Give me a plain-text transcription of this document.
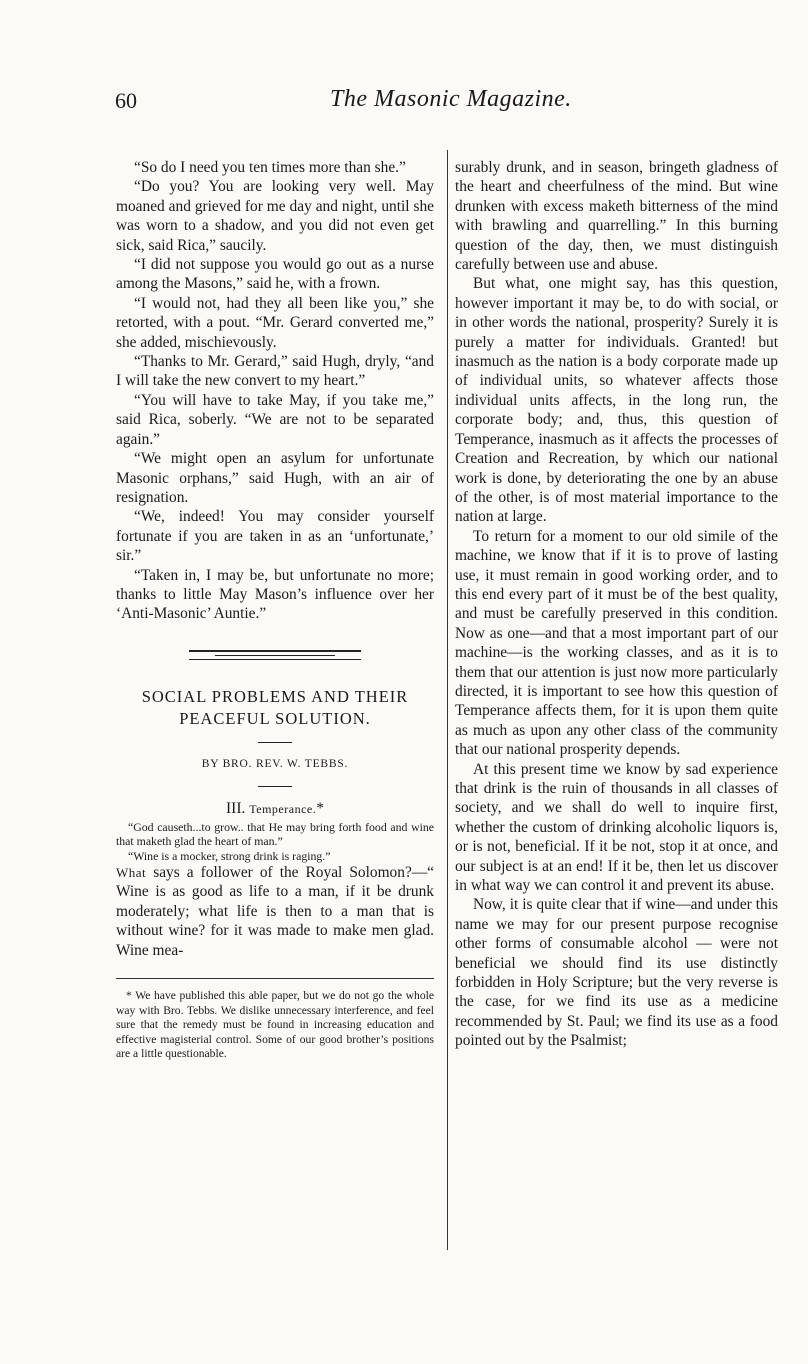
60	The Masonic Magazine.

“So do I need you ten times more than she.”

“Do you? You are looking very well. May moaned and grieved for me day and night, until she was worn to a shadow, and you did not even get sick, said Rica,” saucily.

“I did not suppose you would go out as a nurse among the Masons,” said he, with a frown.

“I would not, had they all been like you,” she retorted, with a pout. “Mr. Gerard converted me,” she added, mischievously.

“Thanks to Mr. Gerard,” said Hugh, dryly, “and I will take the new convert to my heart.”

“You will have to take May, if you take me,” said Rica, soberly. “We are not to be separated again.”

“We might open an asylum for unfortunate Masonic orphans,” said Hugh, with an air of resignation.

“We, indeed! You may consider yourself fortunate if you are taken in as an ‘unfortunate,’ sir.”

“Taken in, I may be, but unfortunate no more; thanks to little May Mason’s influence over her ‘Anti-Masonic’ Auntie.”

SOCIAL PROBLEMS AND THEIR
PEACEFUL SOLUTION.

BY BRO. REV. W. TEBBS.

III. Temperance.*

“God causeth...to grow.. that He may bring forth food and wine that maketh glad the heart of man.”

“Wine is a mocker, strong drink is raging.”

What says a follower of the Royal Solomon?—“ Wine is as good as life to a man, if it be drunk moderately; what life is then to a man that is without wine? for it was made to make men glad. Wine mea-

* We have published this able paper, but we do not go the whole way with Bro. Tebbs. We dislike unnecessary interference, and feel sure that the remedy must be found in increasing education and effective magisterial control. Some of our good brother’s positions are a little questionable.

surably drunk, and in season, bringeth gladness of the heart and cheerfulness of the mind. But wine drunken with excess maketh bitterness of the mind with brawling and quarrelling.” In this burning question of the day, then, we must distinguish carefully between use and abuse.

But what, one might say, has this question, however important it may be, to do with social, or in other words the national, prosperity? Surely it is purely a matter for individuals. Granted! but inasmuch as the nation is a body corporate made up of individual units, so whatever affects those individual units affects, in the long run, the corporate body; and, thus, this question of Temperance, inasmuch as it affects the processes of Creation and Recreation, by which our national work is done, by deteriorating the one by an abuse of the other, is of most material importance to the nation at large.

To return for a moment to our old simile of the machine, we know that if it is to prove of lasting use, it must remain in good working order, and to this end every part of it must be of the best quality, and must be carefully preserved in this condition. Now as one—and that a most important part of our machine—is the working classes, and as it is to them that our attention is just now more particularly directed, it is important to see how this question of Temperance affects them, for it is upon them quite as much as upon any other class of the community that our national prosperity depends.

At this present time we know by sad experience that drink is the ruin of thousands in all classes of society, and we shall do well to inquire first, whether the custom of drinking alcoholic liquors is, or is not, beneficial. If it be not, stop it at once, and our subject is at an end! If it be, then let us discover in what way we can control it and prevent its abuse.

Now, it is quite clear that if wine—and under this name we may for our present purpose recognise other forms of consumable alcohol — were not beneficial we should find its use distinctly forbidden in Holy Scripture; but the very reverse is the case, for we find its use as a medicine recommended by St. Paul; we find its use as a food pointed out by the Psalmist;
